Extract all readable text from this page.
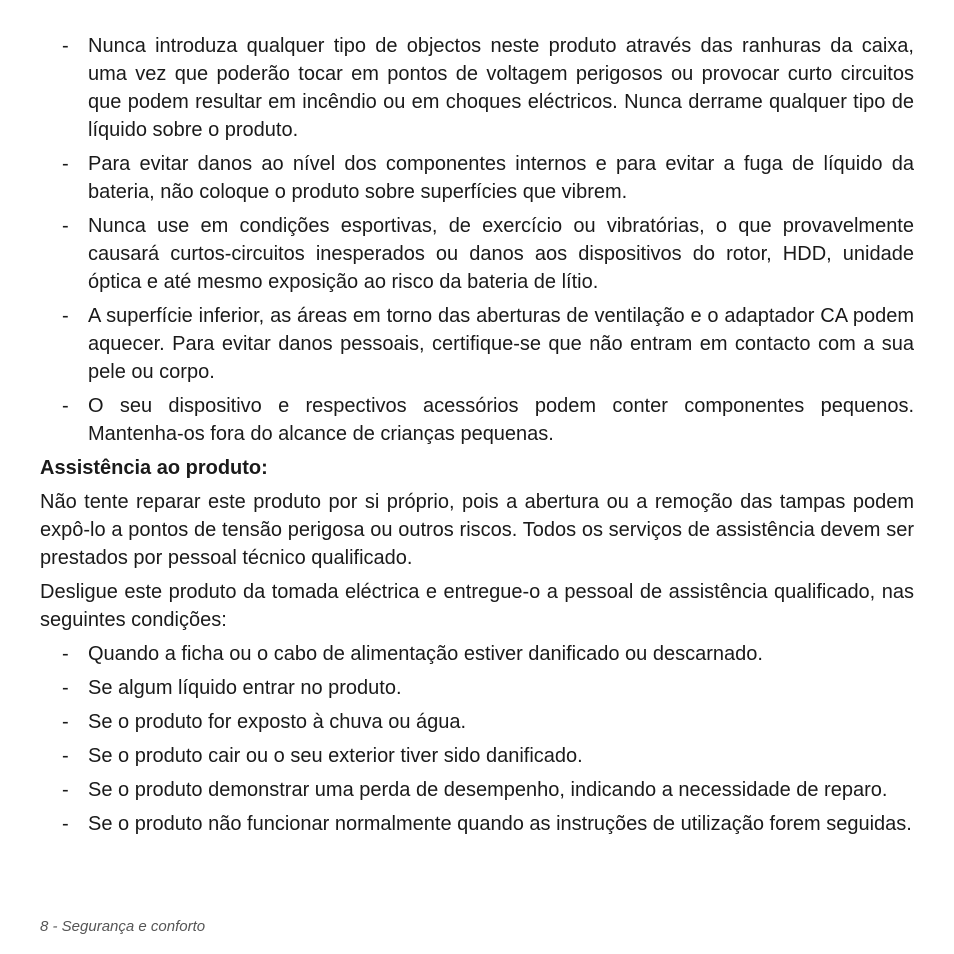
- Nunca introduza qualquer tipo de objectos neste produto através das ranhuras da caixa, uma vez que poderão tocar em pontos de voltagem perigosos ou provocar curto circuitos que podem resultar em incêndio ou em choques eléctricos. Nunca derrame qualquer tipo de líquido sobre o produto.
- Para evitar danos ao nível dos componentes internos e para evitar a fuga de líquido da bateria, não coloque o produto sobre superfícies que vibrem.
- Nunca use em condições esportivas, de exercício ou vibratórias, o que provavelmente causará curtos-circuitos inesperados ou danos aos dispositivos do rotor, HDD, unidade óptica e até mesmo exposição ao risco da bateria de lítio.
- A superfície inferior, as áreas em torno das aberturas de ventilação e o adaptador CA podem aquecer. Para evitar danos pessoais, certifique-se que não entram em contacto com a sua pele ou corpo.
- O seu dispositivo e respectivos acessórios podem conter componentes pequenos. Mantenha-os fora do alcance de crianças pequenas.
Assistência ao produto:

Não tente reparar este produto por si próprio, pois a abertura ou a remoção das tampas podem expô-lo a pontos de tensão perigosa ou outros riscos. Todos os serviços de assistência devem ser prestados por pessoal técnico qualificado.

Desligue este produto da tomada eléctrica e entregue-o a pessoal de assistência qualificado, nas seguintes condições:

- Quando a ficha ou o cabo de alimentação estiver danificado ou descarnado.
- Se algum líquido entrar no produto.
- Se o produto for exposto à chuva ou água.
- Se o produto cair ou o seu exterior tiver sido danificado.
- Se o produto demonstrar uma perda de desempenho, indicando a necessidade de reparo.
- Se o produto não funcionar normalmente quando as instruções de utilização forem seguidas.
8 - Segurança e conforto
